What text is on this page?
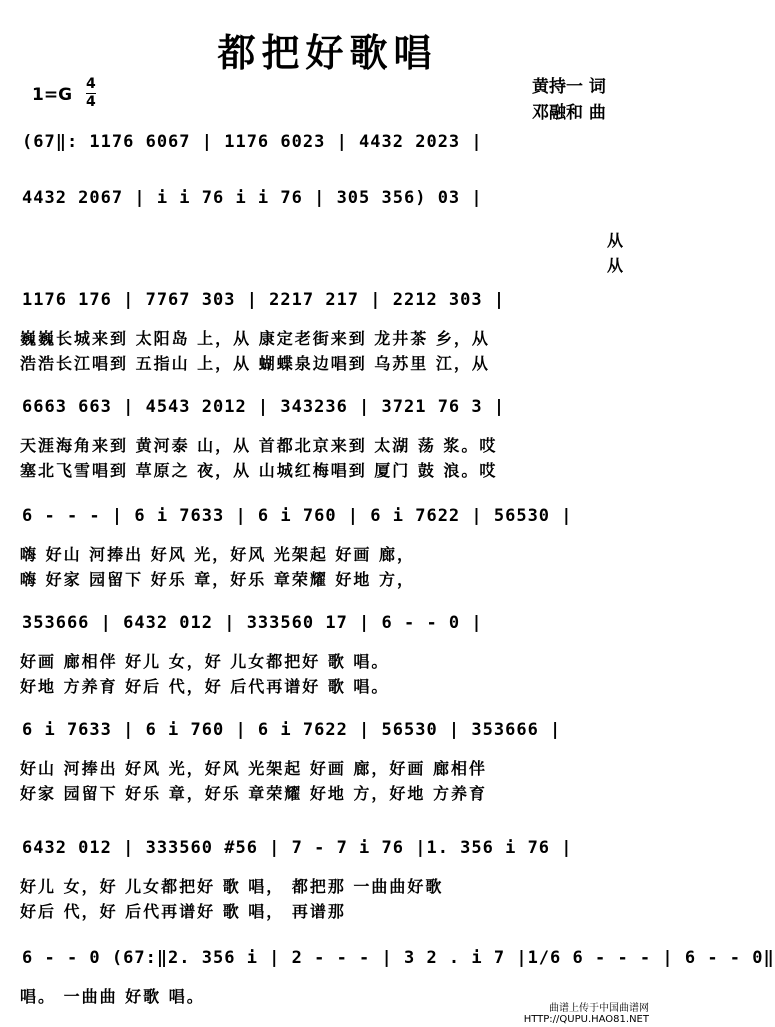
都把好歌唱
1=G
4
4
黄持一 词
邓融和 曲
(67‖: 1176 6067 | 1176 6023 | 4432 2023 |
4432 2067 | i i 76 i i 76 | 305 356) 03 |
从
从
1176 176 | 7767 303 | 2217 217 | 2212 303 |
巍巍长城来到 太阳岛 上，从 康定老街来到 龙井茶 乡，从
浩浩长江唱到 五指山 上，从 蝴蝶泉边唱到 乌苏里 江，从
6663 663 | 4543 2012 | 343236 | 3721 76 3 |
天涯海角来到 黄河泰 山，从 首都北京来到 太湖 荡 浆。哎
塞北飞雪唱到 草原之 夜，从 山城红梅唱到 厦门 鼓 浪。哎
6 - - - | 6 i 7633 | 6 i 760 | 6 i 7622 | 56530 |
嗨 好山 河捧出 好风 光，好风 光架起 好画 廊，
嗨 好家 园留下 好乐 章，好乐 章荣耀 好地 方，
353666 | 6432 012 | 333560 17 | 6 - - 0 |
好画 廊相伴 好儿 女，好 儿女都把好 歌 唱。
好地 方养育 好后 代，好 后代再谱好 歌 唱。
6 i 7633 | 6 i 760 | 6 i 7622 | 56530 | 353666 |
好山 河捧出 好风 光，好风 光架起 好画 廊，好画 廊相伴
好家 园留下 好乐 章，好乐 章荣耀 好地 方，好地 方养育
6432 012 | 333560 #56 | 7 - 7 i 76 |1. 356 i 76 |
好儿 女，好 儿女都把好 歌 唱， 都把那 一曲曲好歌
好后 代，好 后代再谱好 歌 唱， 再谱那
6 - - 0 (67:‖2. 356 i | 2 - - - | 3 2 . i 7 |1/6 6 - - - | 6 - - 0‖
唱。 一曲曲 好歌 唱。
曲谱上传于中国曲谱网
HTTP://QUPU.HAO81.NET
